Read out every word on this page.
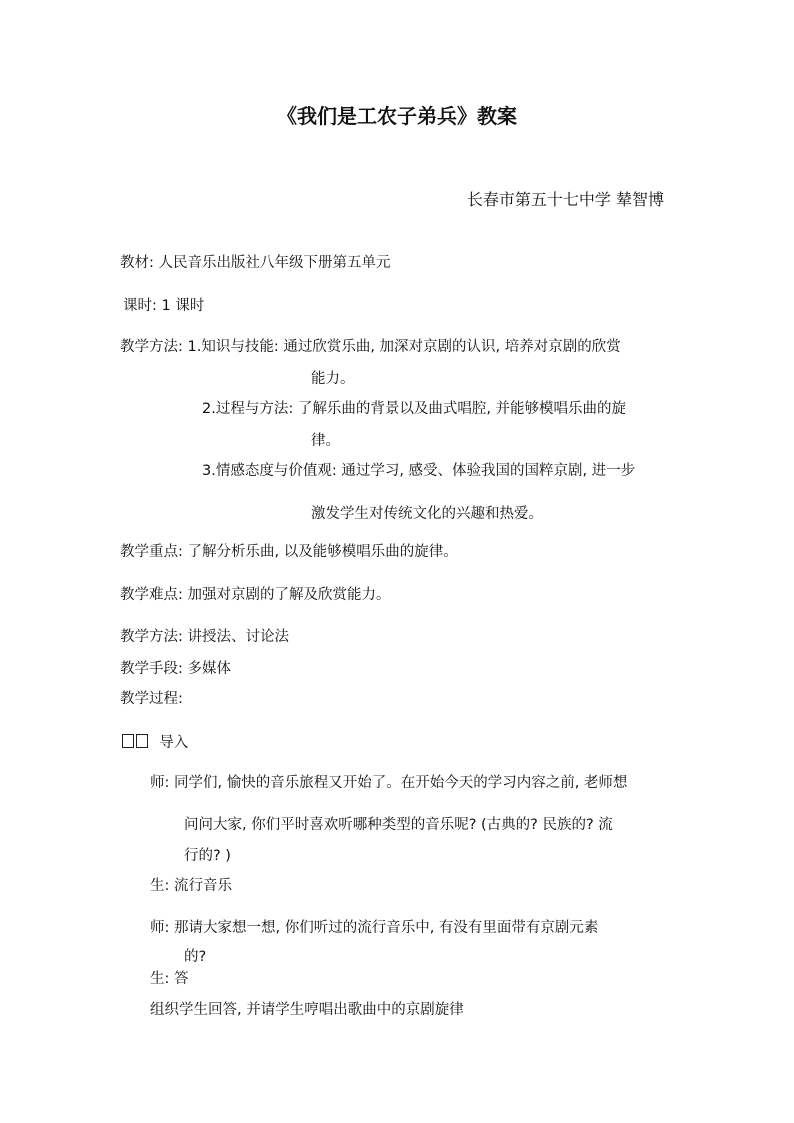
《我们是工农子弟兵》教案
长春市第五十七中学 辇智博
教材: 人民音乐出版社八年级下册第五单元
课时: 1 课时
教学方法: 1.知识与技能: 通过欣赏乐曲, 加深对京剧的认识, 培养对京剧的欣赏
能力。
2.过程与方法: 了解乐曲的背景以及曲式唱腔, 并能够模唱乐曲的旋
律。
3.情感态度与价值观: 通过学习, 感受、体验我国的国粹京剧, 进一步
激发学生对传统文化的兴趣和热爱。
教学重点: 了解分析乐曲, 以及能够模唱乐曲的旋律。
教学难点: 加强对京剧的了解及欣赏能力。
教学方法: 讲授法、讨论法
教学手段: 多媒体
教学过程:
导入
师: 同学们, 愉快的音乐旅程又开始了。在开始今天的学习内容之前, 老师想
问问大家, 你们平时喜欢听哪种类型的音乐呢? (古典的? 民族的? 流
行的? )
生: 流行音乐
师: 那请大家想一想, 你们听过的流行音乐中, 有没有里面带有京剧元素
的?
生: 答
组织学生回答, 并请学生哼唱出歌曲中的京剧旋律
